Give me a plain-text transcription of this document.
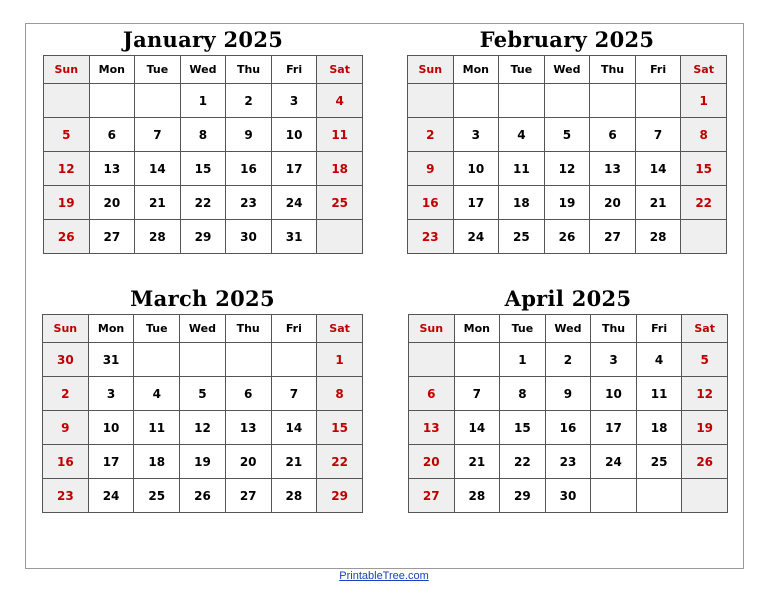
January 2025
Sun	Mon	Tue	Wed	Thu	Fri	Sat
			1	2	3	4
5	6	7	8	9	10	11
12	13	14	15	16	17	18
19	20	21	22	23	24	25
26	27	28	29	30	31	
February 2025
Sun	Mon	Tue	Wed	Thu	Fri	Sat
						1
2	3	4	5	6	7	8
9	10	11	12	13	14	15
16	17	18	19	20	21	22
23	24	25	26	27	28	
March 2025
Sun	Mon	Tue	Wed	Thu	Fri	Sat
30	31					1
2	3	4	5	6	7	8
9	10	11	12	13	14	15
16	17	18	19	20	21	22
23	24	25	26	27	28	29
April 2025
Sun	Mon	Tue	Wed	Thu	Fri	Sat
		1	2	3	4	5
6	7	8	9	10	11	12
13	14	15	16	17	18	19
20	21	22	23	24	25	26
27	28	29	30			
PrintableTree.com
